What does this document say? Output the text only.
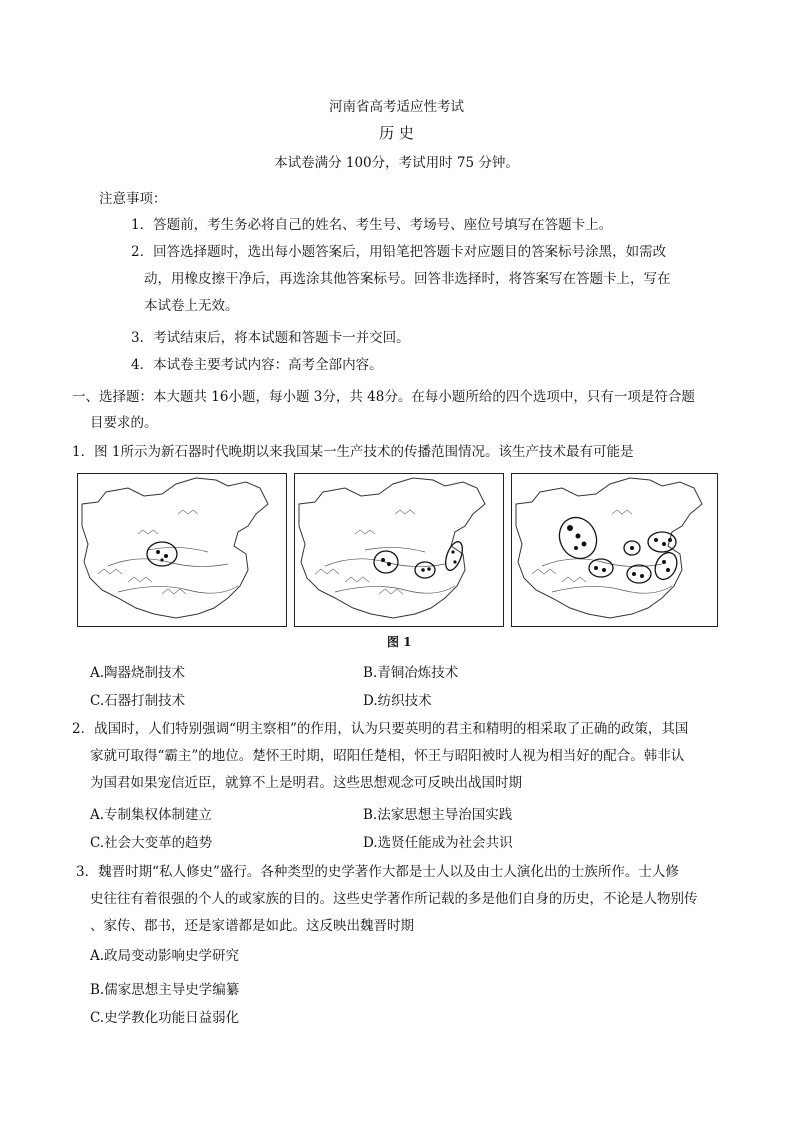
河南省高考适应性考试
历 史
本试卷满分 100分，考试用时 75 分钟。
注意事项：
1．答题前，考生务必将自己的姓名、考生号、考场号、座位号填写在答题卡上。
2．回答选择题时，选出每小题答案后，用铅笔把答题卡对应题目的答案标号涂黑，如需改
动，用橡皮擦干净后，再选涂其他答案标号。回答非选择时，将答案写在答题卡上，写在
本试卷上无效。
3．考试结束后，将本试题和答题卡一并交回。
4．本试卷主要考试内容：高考全部内容。
一、选择题：本大题共 16小题，每小题 3分，共 48分。在每小题所给的四个选项中，只有一项是符合题
目要求的。
1．图 1所示为新石器时代晚期以来我国某一生产技术的传播范围情况。该生产技术最有可能是
图 1
A.陶器烧制技术	B.青铜冶炼技术
C.石器打制技术	D.纺织技术
2．战国时，人们特别强调“明主察相”的作用，认为只要英明的君主和精明的相采取了正确的政策，其国
家就可取得“霸主”的地位。楚怀王时期，昭阳任楚相，怀王与昭阳被时人视为相当好的配合。韩非认
为国君如果宠信近臣，就算不上是明君。这些思想观念可反映出战国时期
A.专制集权体制建立	B.法家思想主导治国实践
C.社会大变革的趋势	D.选贤任能成为社会共识
3．魏晋时期“私人修史”盛行。各种类型的史学著作大都是士人以及由士人演化出的士族所作。士人修
史往往有着很强的个人的或家族的目的。这些史学著作所记载的多是他们自身的历史，不论是人物别传
、家传、郡书，还是家谱都是如此。这反映出魏晋时期
A.政局变动影响史学研究
B.儒家思想主导史学编纂
C.史学教化功能日益弱化
